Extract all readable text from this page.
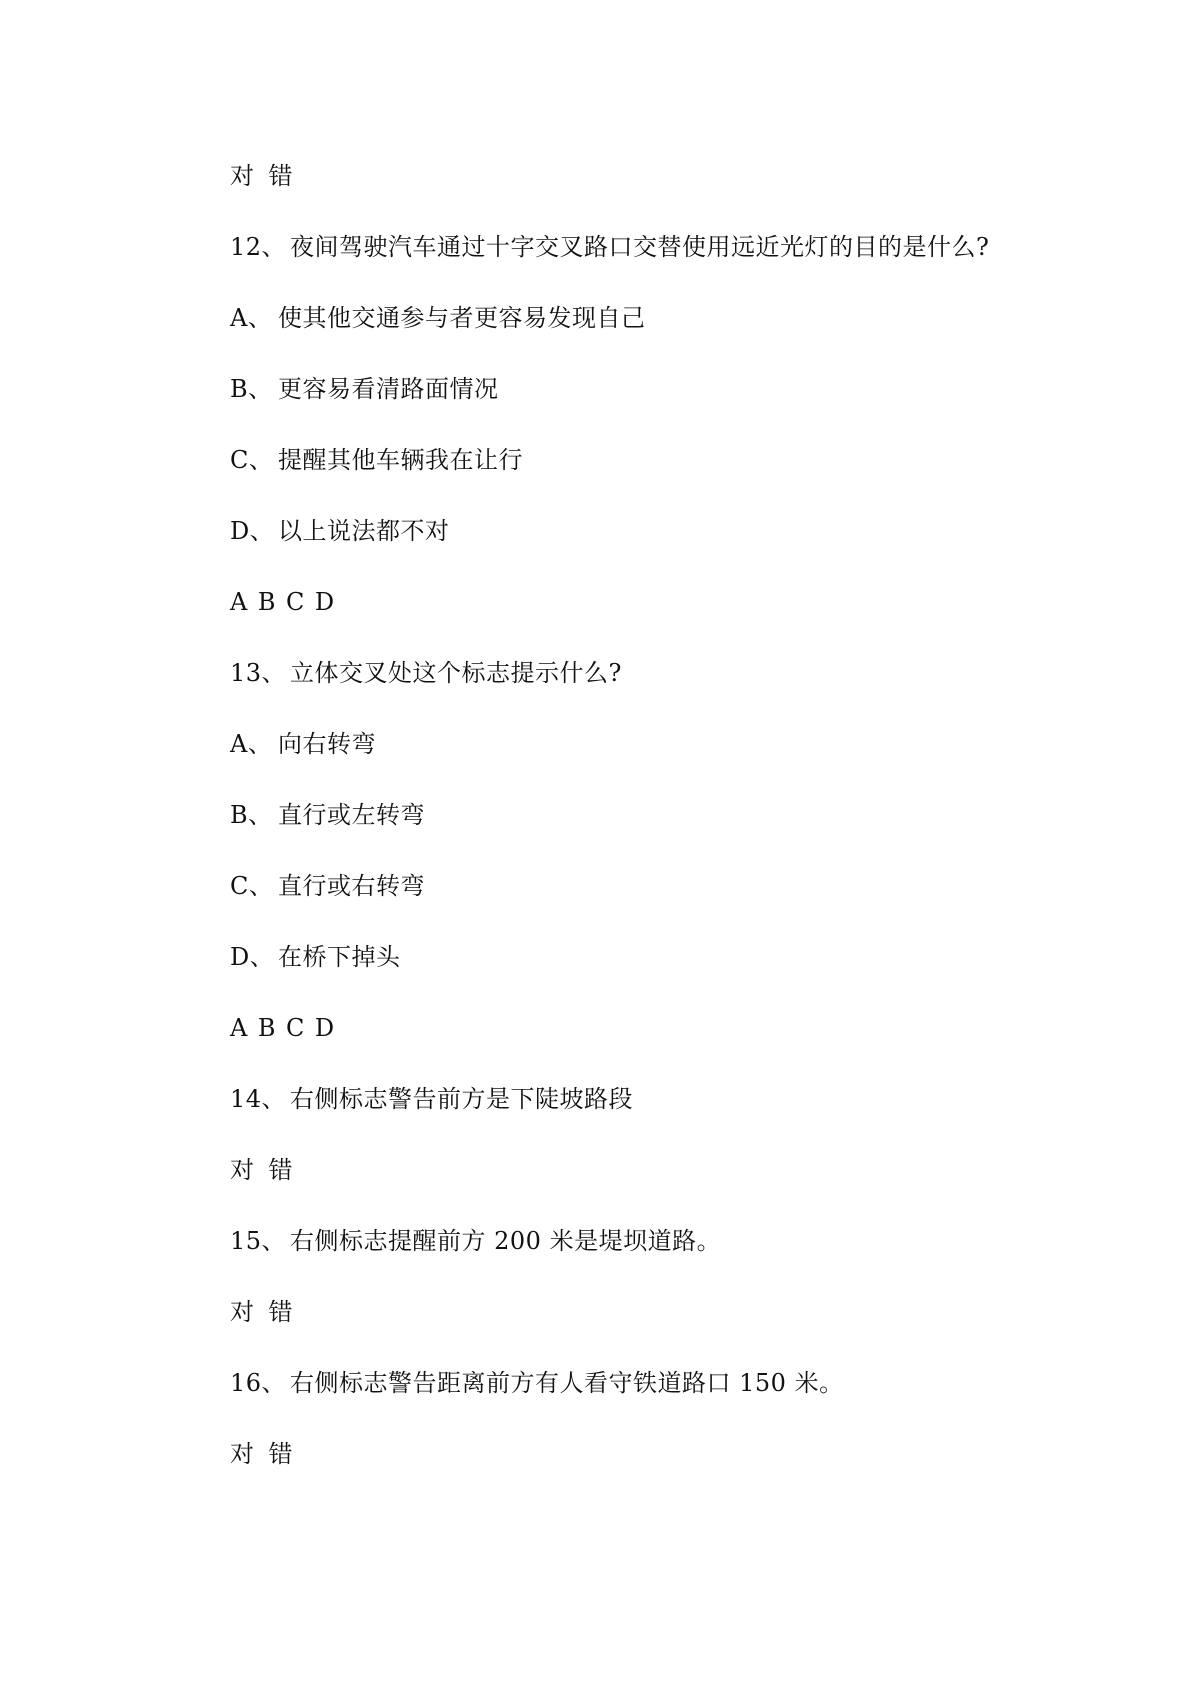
对 错
12、 夜间驾驶汽车通过十字交叉路口交替使用远近光灯的目的是什么?
A、 使其他交通参与者更容易发现自己
B、 更容易看清路面情况
C、 提醒其他车辆我在让行
D、 以上说法都不对
A B C D
13、 立体交叉处这个标志提示什么?
A、 向右转弯
B、 直行或左转弯
C、 直行或右转弯
D、 在桥下掉头
A B C D
14、 右侧标志警告前方是下陡坡路段
对 错
15、 右侧标志提醒前方 200 米是堤坝道路。
对 错
16、 右侧标志警告距离前方有人看守铁道路口 150 米。
对 错
